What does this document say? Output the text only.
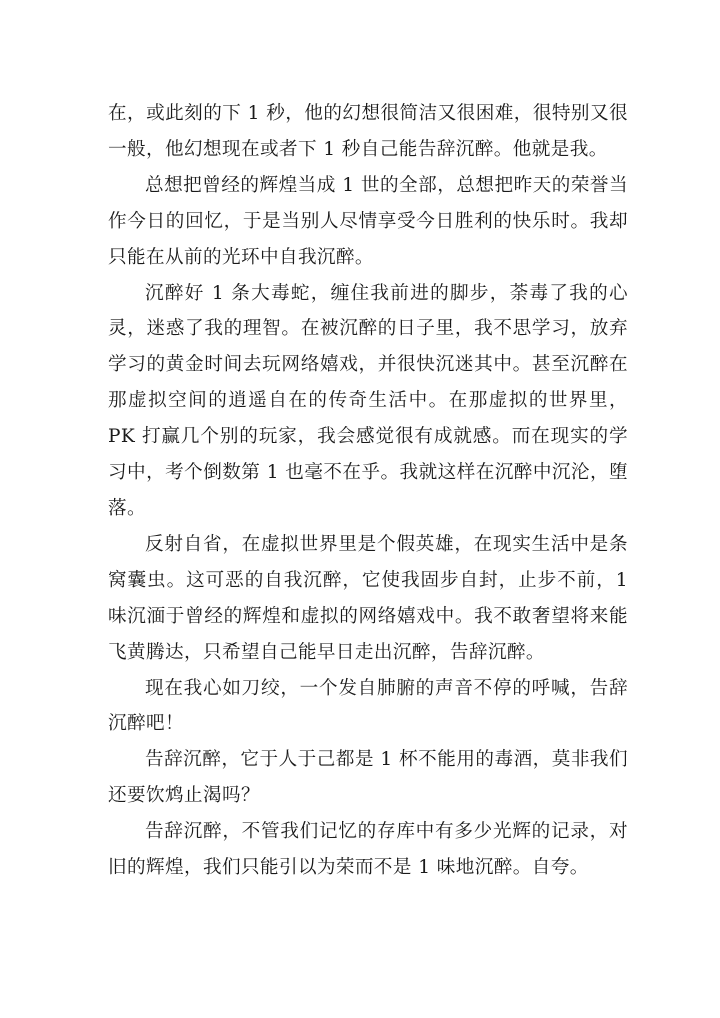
在，或此刻的下 1 秒，他的幻想很简洁又很困难，很特别又很一般，他幻想现在或者下 1 秒自己能告辞沉醉。他就是我。

总想把曾经的辉煌当成 1 世的全部，总想把昨天的荣誉当作今日的回忆，于是当别人尽情享受今日胜利的快乐时。我却只能在从前的光环中自我沉醉。

沉醉好 1 条大毒蛇，缠住我前进的脚步，荼毒了我的心灵，迷惑了我的理智。在被沉醉的日子里，我不思学习，放弃学习的黄金时间去玩网络嬉戏，并很快沉迷其中。甚至沉醉在那虚拟空间的逍遥自在的传奇生活中。在那虚拟的世界里，PK 打赢几个别的玩家，我会感觉很有成就感。而在现实的学习中，考个倒数第 1 也毫不在乎。我就这样在沉醉中沉沦，堕落。

反射自省，在虚拟世界里是个假英雄，在现实生活中是条窝囊虫。这可恶的自我沉醉，它使我固步自封，止步不前，1 味沉湎于曾经的辉煌和虚拟的网络嬉戏中。我不敢奢望将来能飞黄腾达，只希望自己能早日走出沉醉，告辞沉醉。

现在我心如刀绞，一个发自肺腑的声音不停的呼喊，告辞沉醉吧！

告辞沉醉，它于人于己都是 1 杯不能用的毒酒，莫非我们还要饮鸩止渴吗？

告辞沉醉，不管我们记忆的存库中有多少光辉的记录，对旧的辉煌，我们只能引以为荣而不是 1 味地沉醉。自夸。
